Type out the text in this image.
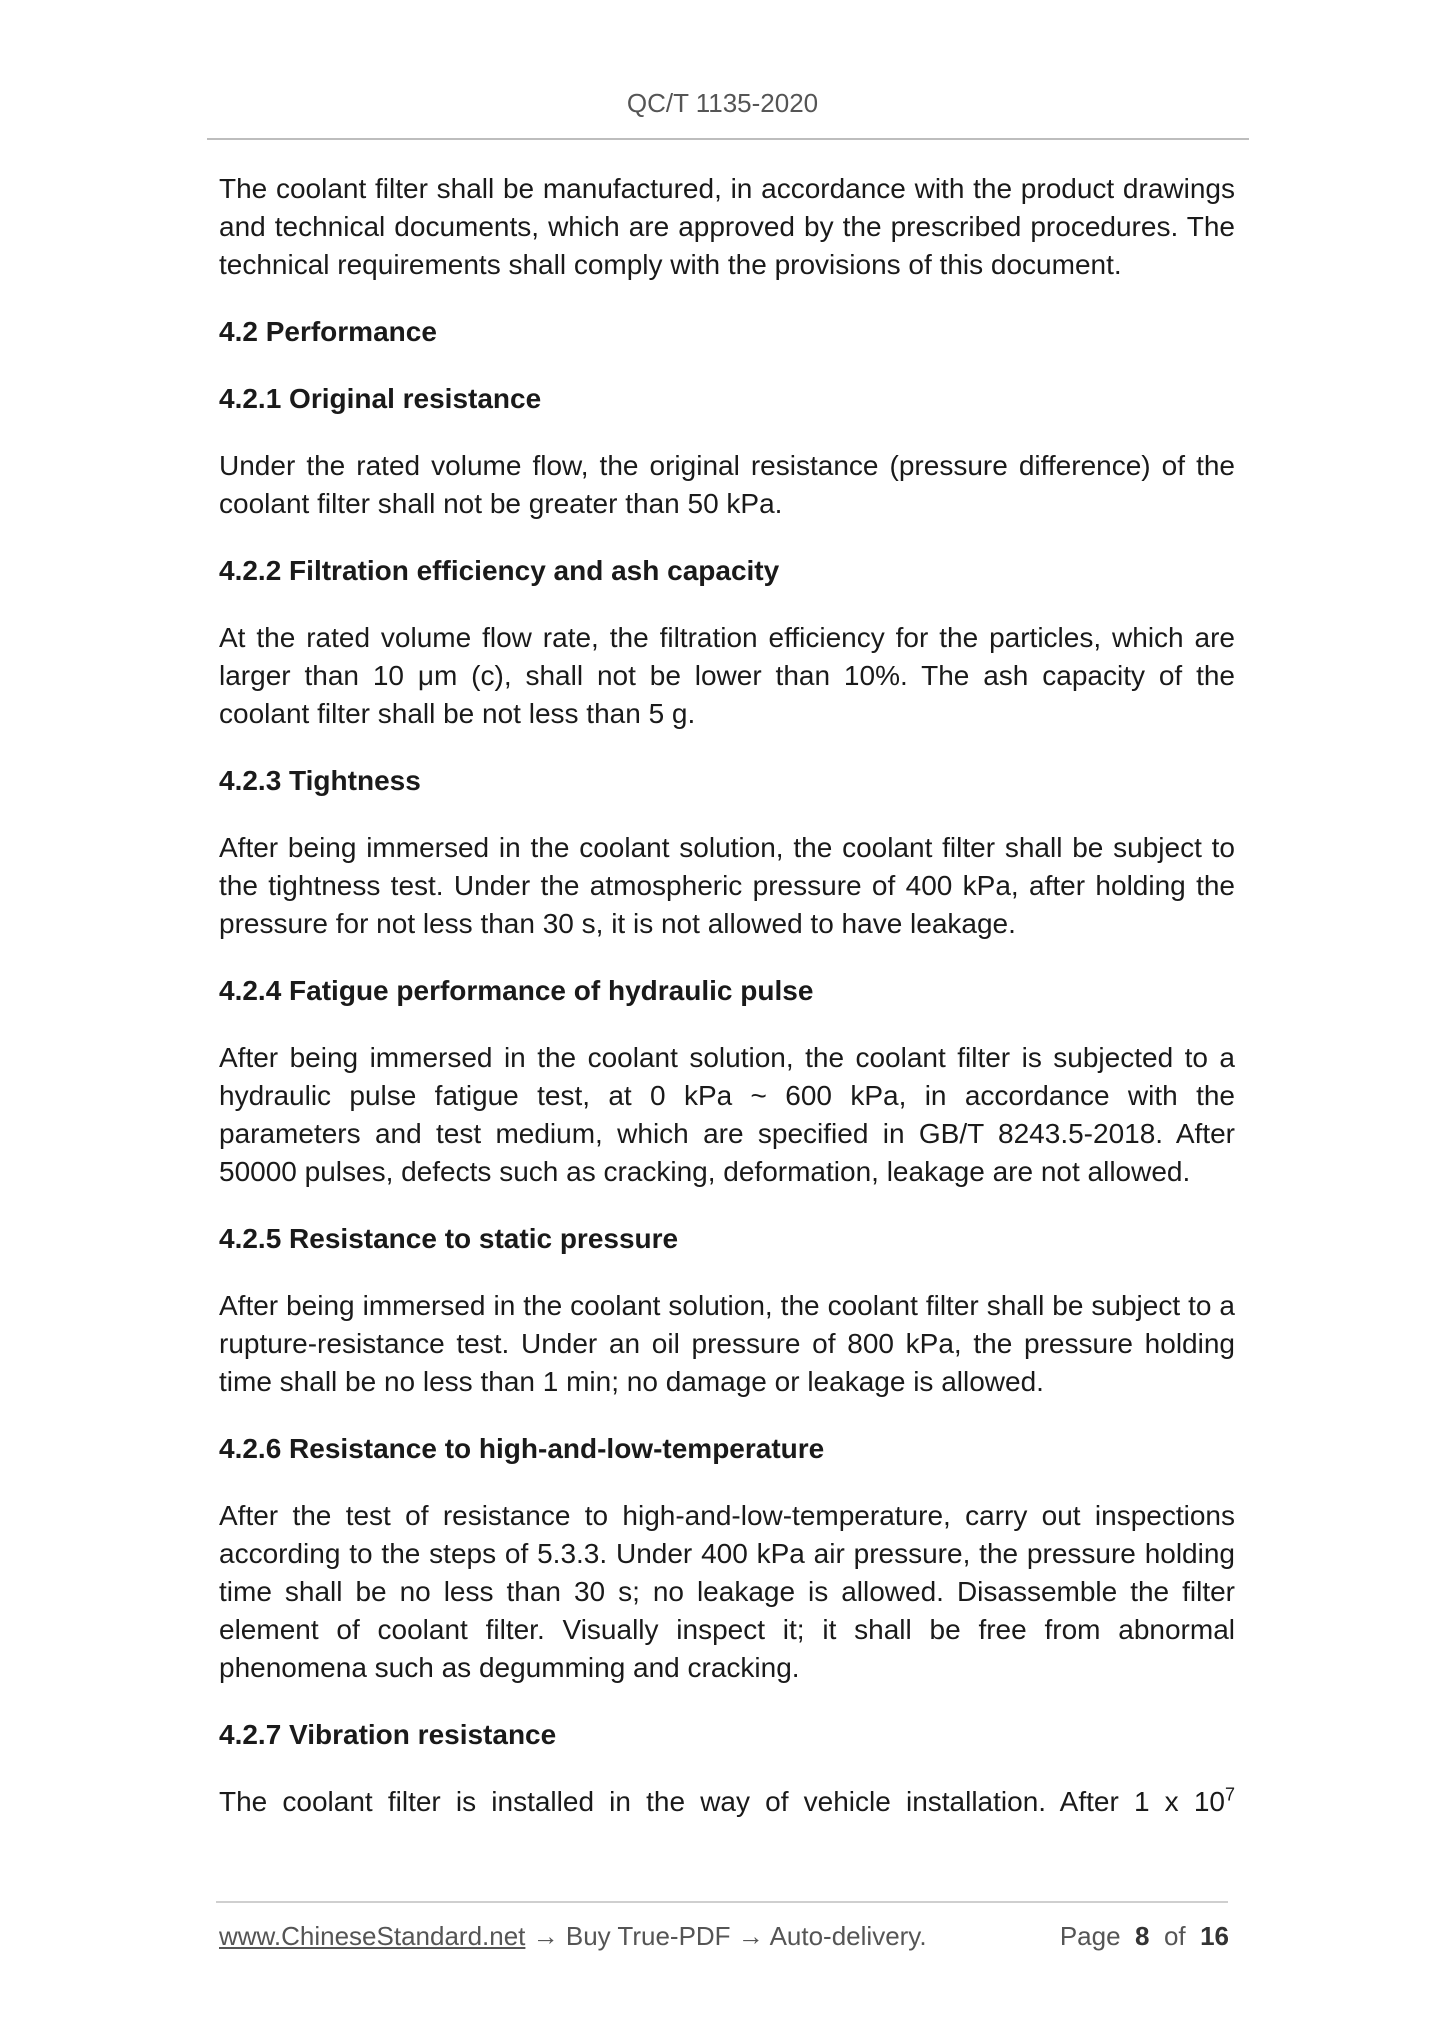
QC/T 1135-2020

The coolant filter shall be manufactured, in accordance with the product drawings and technical documents, which are approved by the prescribed procedures. The technical requirements shall comply with the provisions of this document.

4.2 Performance
4.2.1 Original resistance

Under the rated volume flow, the original resistance (pressure difference) of the coolant filter shall not be greater than 50 kPa.

4.2.2 Filtration efficiency and ash capacity

At the rated volume flow rate, the filtration efficiency for the particles, which are larger than 10 μm (c), shall not be lower than 10%. The ash capacity of the coolant filter shall be not less than 5 g.

4.2.3 Tightness

After being immersed in the coolant solution, the coolant filter shall be subject to the tightness test. Under the atmospheric pressure of 400 kPa, after holding the pressure for not less than 30 s, it is not allowed to have leakage.

4.2.4 Fatigue performance of hydraulic pulse

After being immersed in the coolant solution, the coolant filter is subjected to a hydraulic pulse fatigue test, at 0 kPa ~ 600 kPa, in accordance with the parameters and test medium, which are specified in GB/T 8243.5-2018. After 50000 pulses, defects such as cracking, deformation, leakage are not allowed.

4.2.5 Resistance to static pressure

After being immersed in the coolant solution, the coolant filter shall be subject to a rupture-resistance test. Under an oil pressure of 800 kPa, the pressure holding time shall be no less than 1 min; no damage or leakage is allowed.

4.2.6 Resistance to high-and-low-temperature

After the test of resistance to high-and-low-temperature, carry out inspections according to the steps of 5.3.3. Under 400 kPa air pressure, the pressure holding time shall be no less than 30 s; no leakage is allowed. Disassemble the filter element of coolant filter. Visually inspect it; it shall be free from abnormal phenomena such as degumming and cracking.

4.2.7 Vibration resistance

The coolant filter is installed in the way of vehicle installation. After 1 x $10^7$

www.ChineseStandard.net → Buy True-PDF → Auto-delivery.	Page 8 of 16
